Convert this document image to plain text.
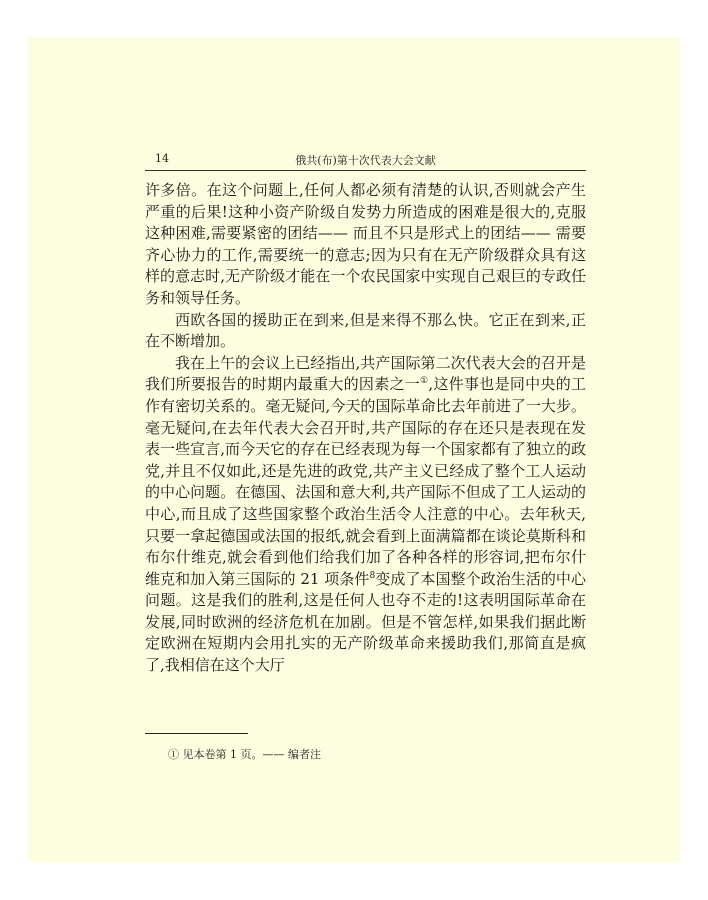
14	俄共(布)第十次代表大会文献

许多倍。在这个问题上,任何人都必须有清楚的认识,否则就会产生严重的后果!这种小资产阶级自发势力所造成的困难是很大的,克服这种困难,需要紧密的团结—— 而且不只是形式上的团结—— 需要齐心协力的工作,需要统一的意志;因为只有在无产阶级群众具有这样的意志时,无产阶级才能在一个农民国家中实现自己艰巨的专政任务和领导任务。

西欧各国的援助正在到来,但是来得不那么快。它正在到来,正在不断增加。

我在上午的会议上已经指出,共产国际第二次代表大会的召开是我们所要报告的时期内最重大的因素之一①,这件事也是同中央的工作有密切关系的。毫无疑问,今天的国际革命比去年前进了一大步。毫无疑问,在去年代表大会召开时,共产国际的存在还只是表现在发表一些宣言,而今天它的存在已经表现为每一个国家都有了独立的政党,并且不仅如此,还是先进的政党,共产主义已经成了整个工人运动的中心问题。在德国、法国和意大利,共产国际不但成了工人运动的中心,而且成了这些国家整个政治生活令人注意的中心。去年秋天,只要一拿起德国或法国的报纸,就会看到上面满篇都在谈论莫斯科和布尔什维克,就会看到他们给我们加了各种各样的形容词,把布尔什维克和加入第三国际的 21 项条件$^8$变成了本国整个政治生活的中心问题。这是我们的胜利,这是任何人也夺不走的!这表明国际革命在发展,同时欧洲的经济危机在加剧。但是不管怎样,如果我们据此断定欧洲在短期内会用扎实的无产阶级革命来援助我们,那简直是疯了,我相信在这个大厅

① 见本卷第 1 页。—— 编者注
